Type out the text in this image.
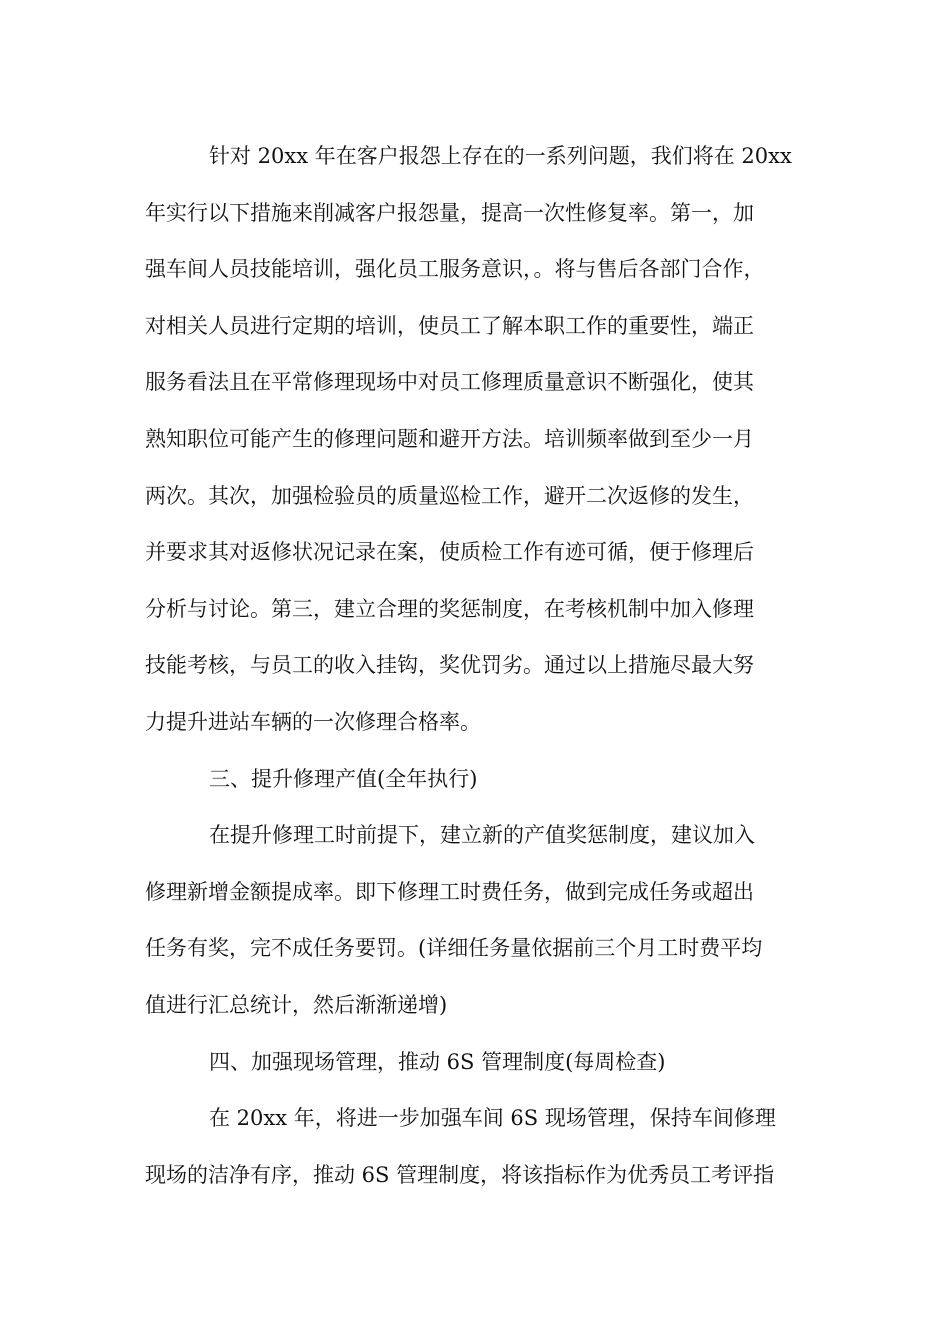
针对 20xx 年在客户报怨上存在的一系列问题，我们将在 20xx
年实行以下措施来削减客户报怨量，提高一次性修复率。第一，加
强车间人员技能培训，强化员工服务意识，。将与售后各部门合作，
对相关人员进行定期的培训，使员工了解本职工作的重要性，端正
服务看法且在平常修理现场中对员工修理质量意识不断强化，使其
熟知职位可能产生的修理问题和避开方法。培训频率做到至少一月
两次。其次，加强检验员的质量巡检工作，避开二次返修的发生，
并要求其对返修状况记录在案，使质检工作有迹可循，便于修理后
分析与讨论。第三，建立合理的奖惩制度，在考核机制中加入修理
技能考核，与员工的收入挂钩，奖优罚劣。通过以上措施尽最大努
力提升进站车辆的一次修理合格率。
三、提升修理产值(全年执行)
在提升修理工时前提下，建立新的产值奖惩制度，建议加入
修理新增金额提成率。即下修理工时费任务，做到完成任务或超出
任务有奖，完不成任务要罚。(详细任务量依据前三个月工时费平均
值进行汇总统计，然后渐渐递增)
四、加强现场管理，推动 6S 管理制度(每周检查)
在 20xx 年，将进一步加强车间 6S 现场管理，保持车间修理
现场的洁净有序，推动 6S 管理制度，将该指标作为优秀员工考评指
